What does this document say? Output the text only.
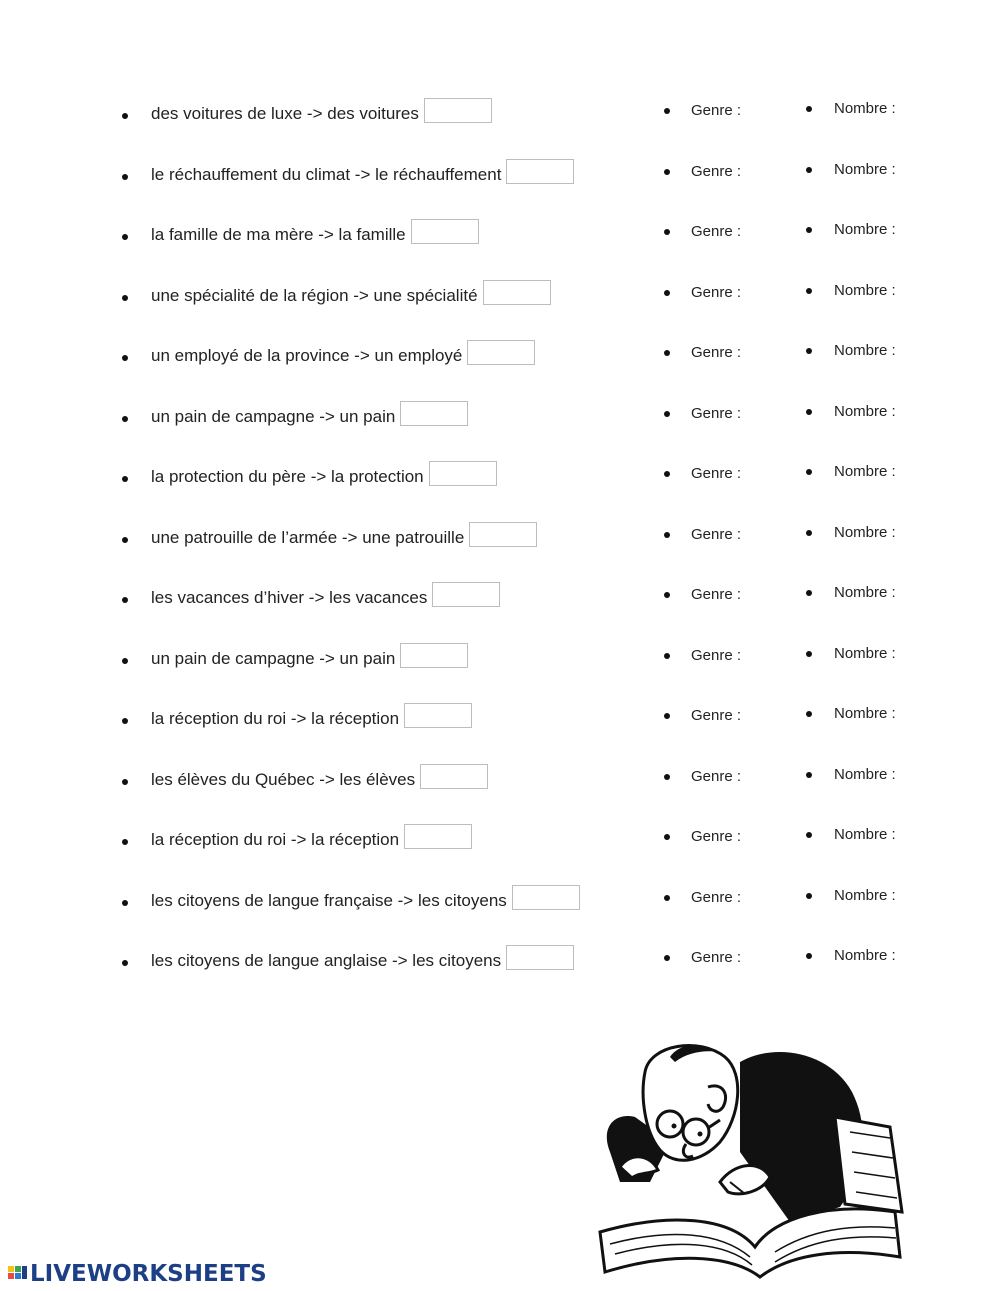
des voitures de luxe -> des voitures	Genre :	Nombre :
le réchauffement du climat -> le réchauffement	Genre :	Nombre :
la famille de ma mère -> la famille	Genre :	Nombre :
une spécialité de la région -> une spécialité	Genre :	Nombre :
un employé de la province -> un employé	Genre :	Nombre :
un pain de campagne -> un pain	Genre :	Nombre :
la protection du père -> la protection	Genre :	Nombre :
une patrouille de l’armée -> une patrouille	Genre :	Nombre :
les vacances d’hiver -> les vacances	Genre :	Nombre :
un pain de campagne -> un pain	Genre :	Nombre :
la réception du roi -> la réception	Genre :	Nombre :
les élèves du Québec -> les élèves	Genre :	Nombre :
la réception du roi -> la réception	Genre :	Nombre :
les citoyens de langue française -> les citoyens	Genre :	Nombre :
les citoyens de langue anglaise -> les citoyens	Genre :	Nombre :
LIVEWORKSHEETS
